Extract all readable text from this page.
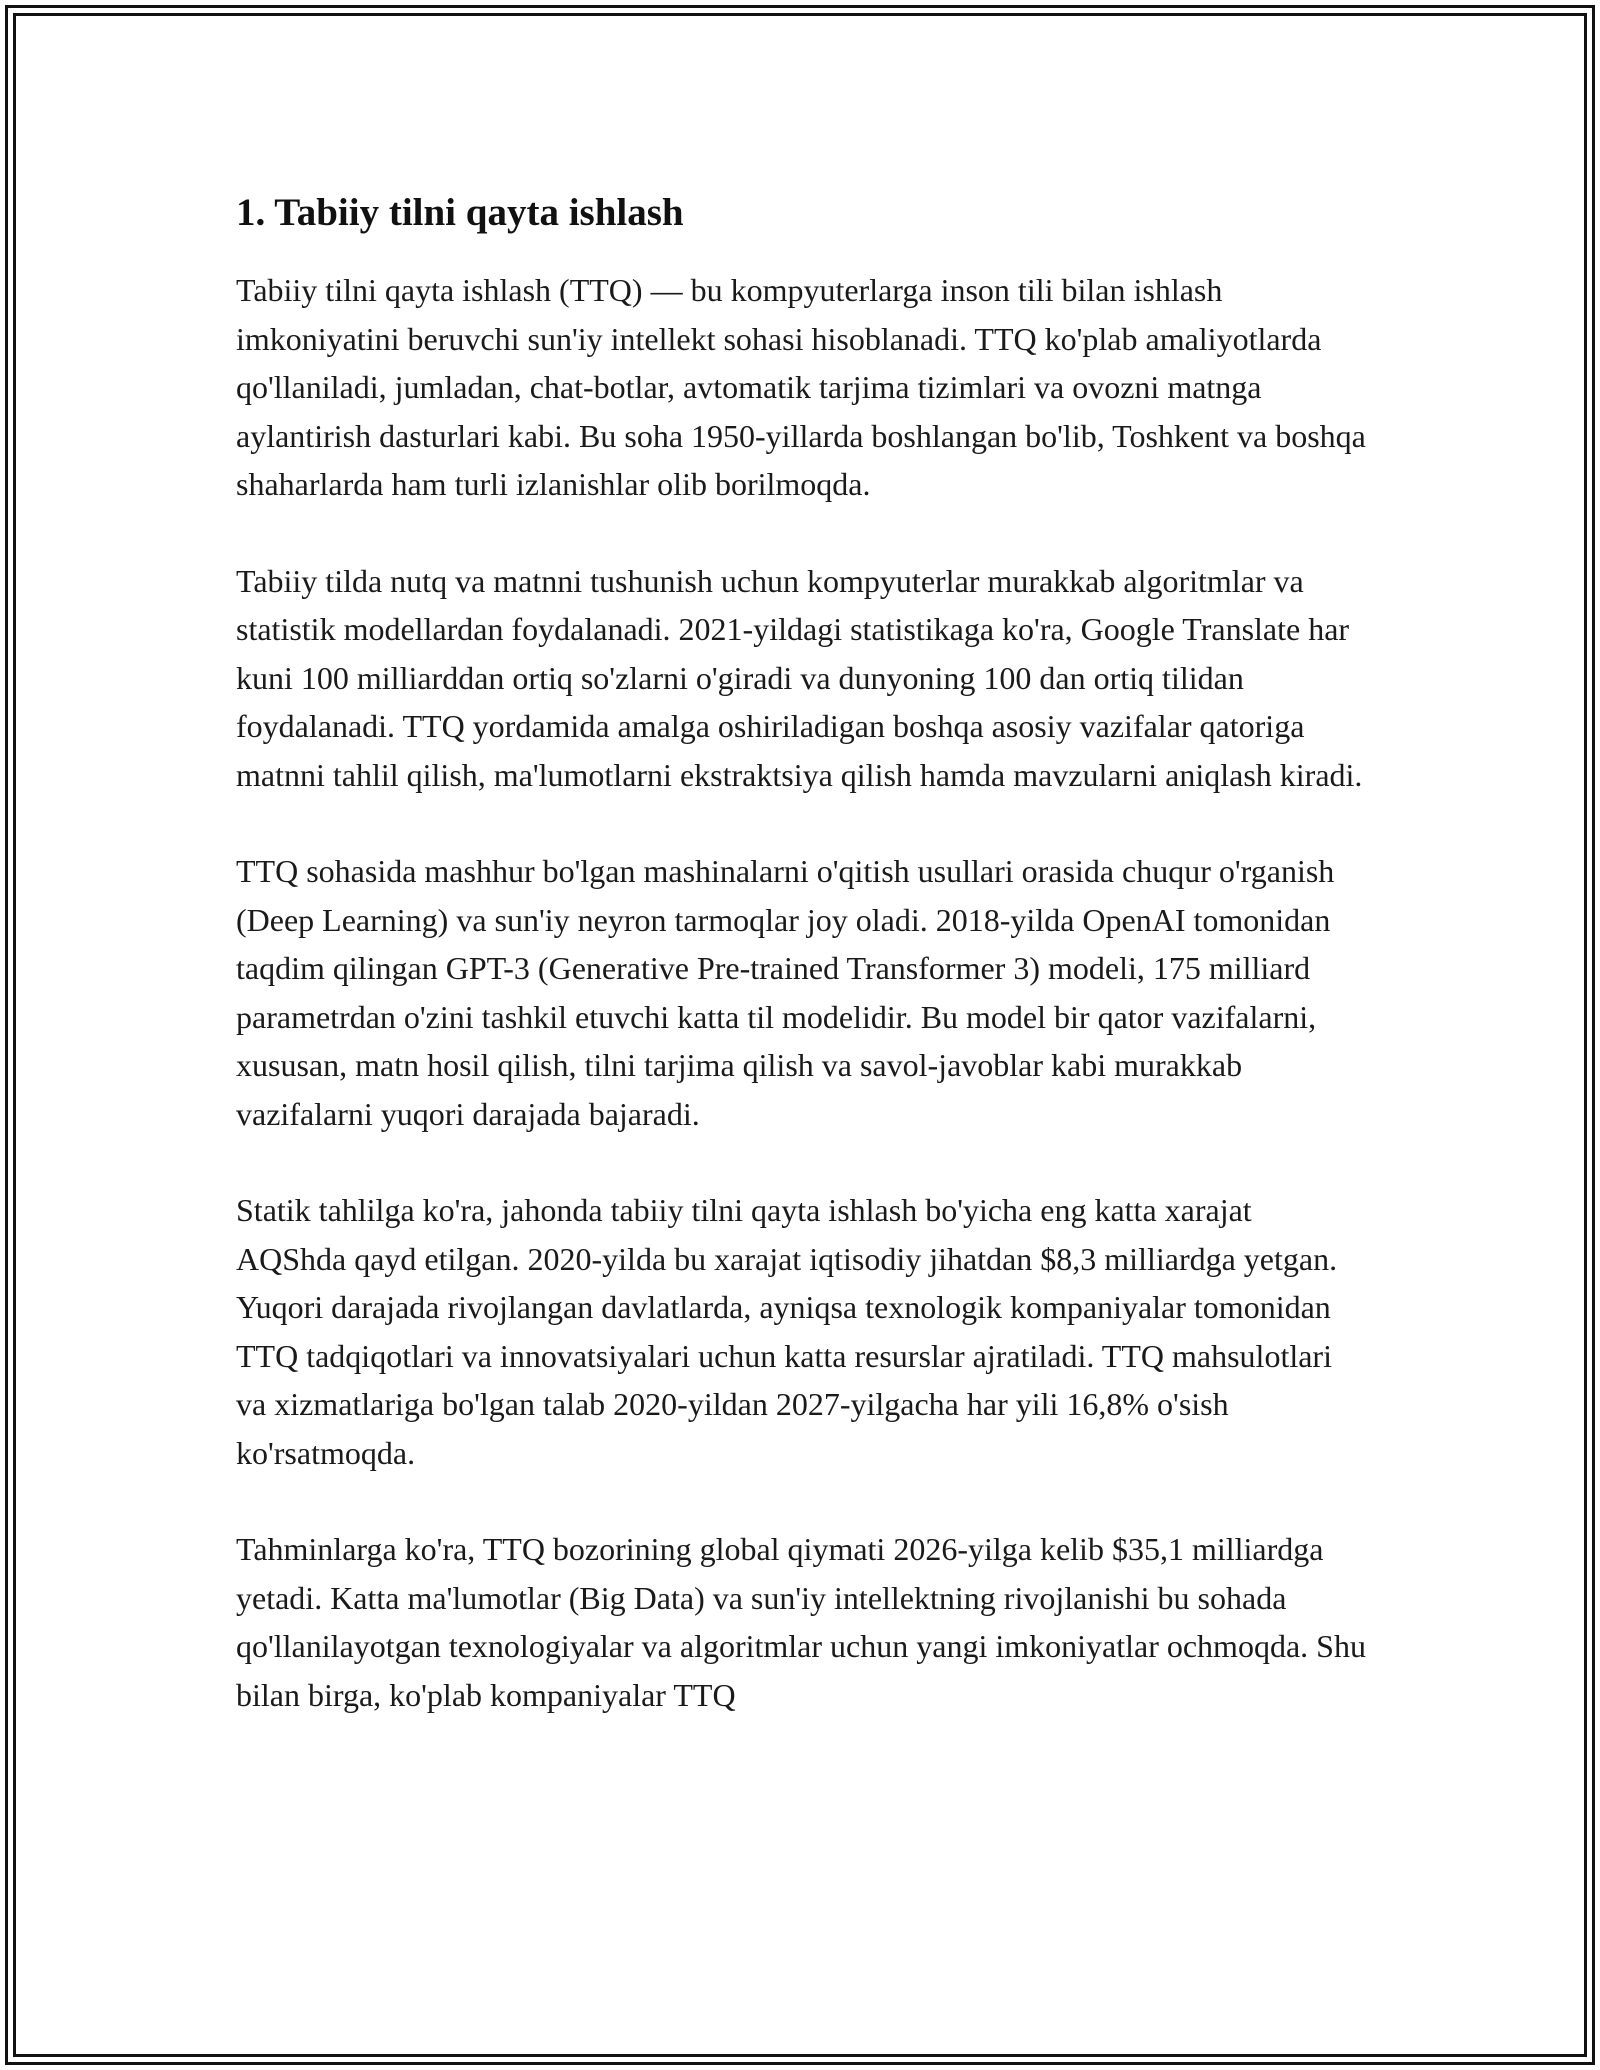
1. Tabiiy tilni qayta ishlash

Tabiiy tilni qayta ishlash (TTQ) — bu kompyuterlarga inson tili bilan ishlash imkoniyatini beruvchi sun'iy intellekt sohasi hisoblanadi. TTQ ko'plab amaliyotlarda qo'llaniladi, jumladan, chat-botlar, avtomatik tarjima tizimlari va ovozni matnga aylantirish dasturlari kabi. Bu soha 1950-yillarda boshlangan bo'lib, Toshkent va boshqa shaharlarda ham turli izlanishlar olib borilmoqda.

Tabiiy tilda nutq va matnni tushunish uchun kompyuterlar murakkab algoritmlar va statistik modellardan foydalanadi. 2021-yildagi statistikaga ko'ra, Google Translate har kuni 100 milliarddan ortiq so'zlarni o'giradi va dunyoning 100 dan ortiq tilidan foydalanadi. TTQ yordamida amalga oshiriladigan boshqa asosiy vazifalar qatoriga matnni tahlil qilish, ma'lumotlarni ekstraktsiya qilish hamda mavzularni aniqlash kiradi.

TTQ sohasida mashhur bo'lgan mashinalarni o'qitish usullari orasida chuqur o'rganish (Deep Learning) va sun'iy neyron tarmoqlar joy oladi. 2018-yilda OpenAI tomonidan taqdim qilingan GPT-3 (Generative Pre-trained Transformer 3) modeli, 175 milliard parametrdan o'zini tashkil etuvchi katta til modelidir. Bu model bir qator vazifalarni, xususan, matn hosil qilish, tilni tarjima qilish va savol-javoblar kabi murakkab vazifalarni yuqori darajada bajaradi.

Statik tahlilga ko'ra, jahonda tabiiy tilni qayta ishlash bo'yicha eng katta xarajat AQShda qayd etilgan. 2020-yilda bu xarajat iqtisodiy jihatdan $8,3 milliardga yetgan. Yuqori darajada rivojlangan davlatlarda, ayniqsa texnologik kompaniyalar tomonidan TTQ tadqiqotlari va innovatsiyalari uchun katta resurslar ajratiladi. TTQ mahsulotlari va xizmatlariga bo'lgan talab 2020-yildan 2027-yilgacha har yili 16,8% o'sish ko'rsatmoqda.

Tahminlarga ko'ra, TTQ bozorining global qiymati 2026-yilga kelib $35,1 milliardga yetadi. Katta ma'lumotlar (Big Data) va sun'iy intellektning rivojlanishi bu sohada qo'llanilayotgan texnologiyalar va algoritmlar uchun yangi imkoniyatlar ochmoqda. Shu bilan birga, ko'plab kompaniyalar TTQ
